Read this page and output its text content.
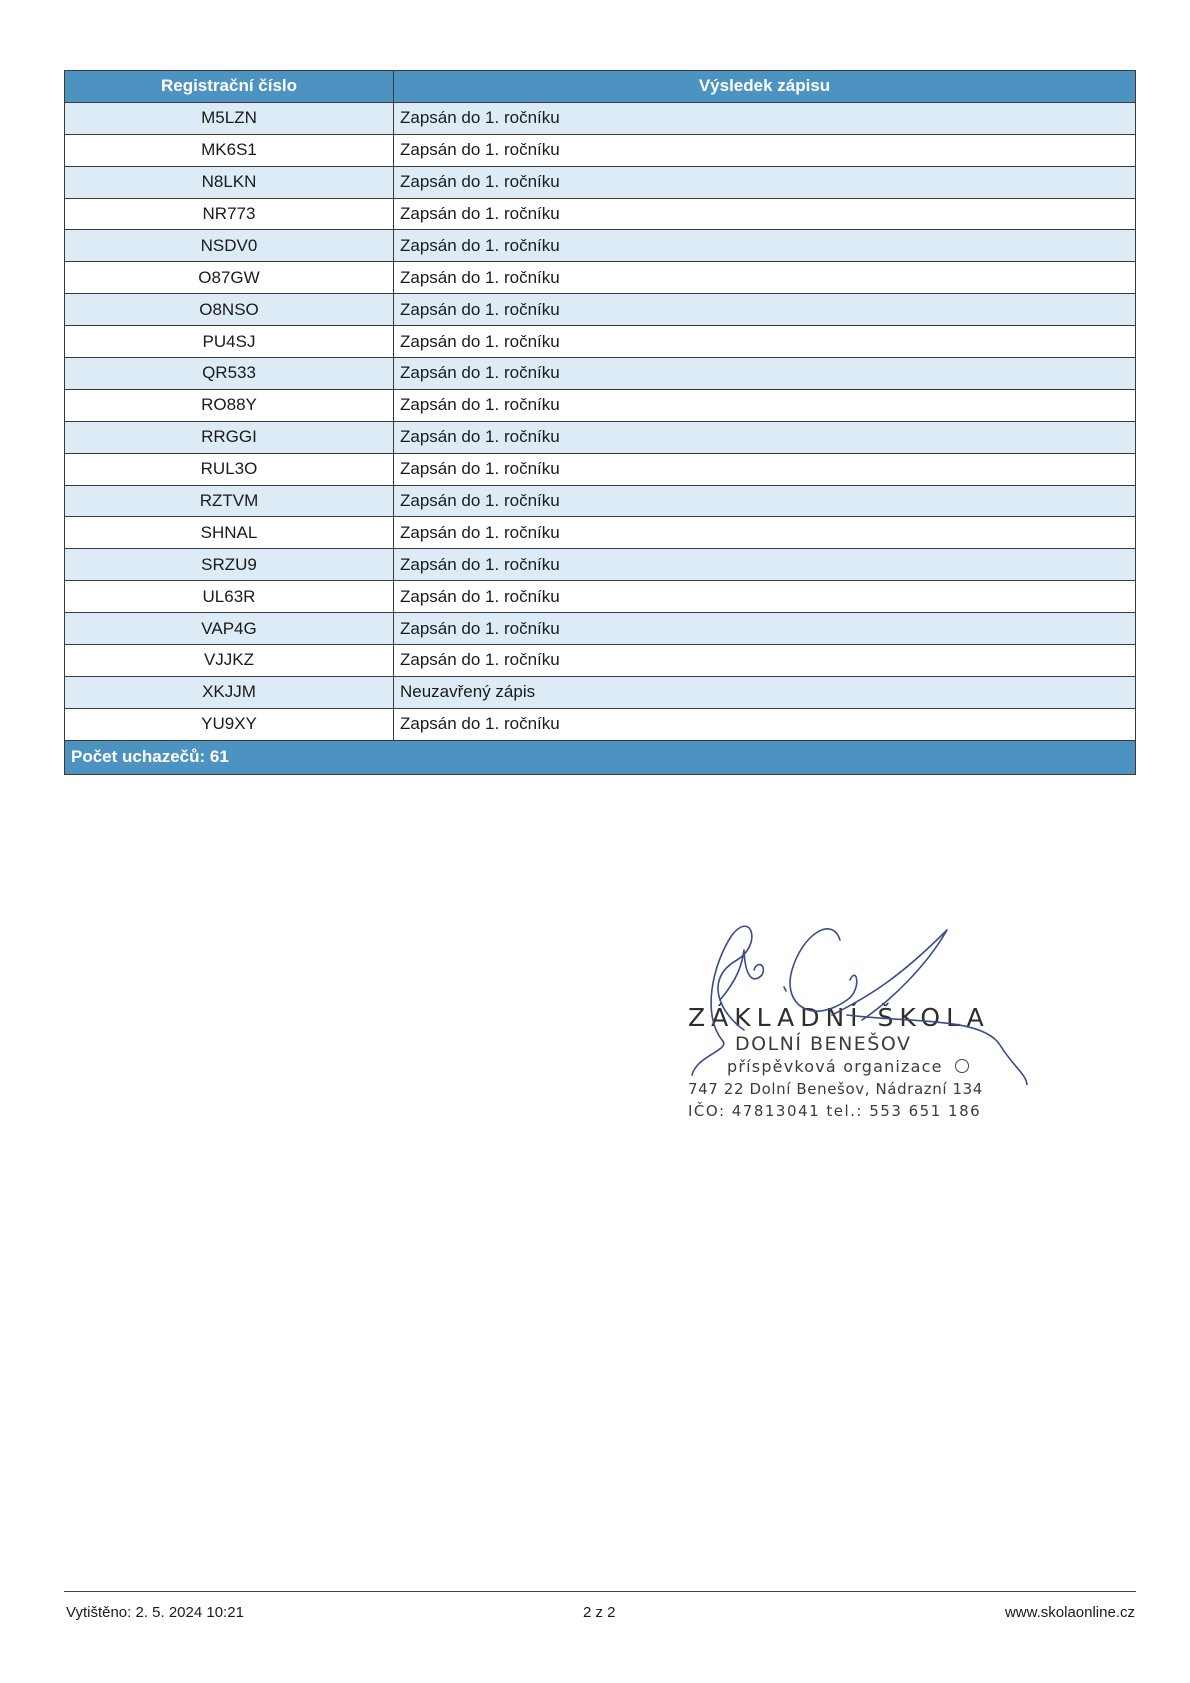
Registrační číslo	Výsledek zápisu
M5LZN	Zapsán do 1. ročníku
MK6S1	Zapsán do 1. ročníku
N8LKN	Zapsán do 1. ročníku
NR773	Zapsán do 1. ročníku
NSDV0	Zapsán do 1. ročníku
O87GW	Zapsán do 1. ročníku
O8NSO	Zapsán do 1. ročníku
PU4SJ	Zapsán do 1. ročníku
QR533	Zapsán do 1. ročníku
RO88Y	Zapsán do 1. ročníku
RRGGI	Zapsán do 1. ročníku
RUL3O	Zapsán do 1. ročníku
RZTVM	Zapsán do 1. ročníku
SHNAL	Zapsán do 1. ročníku
SRZU9	Zapsán do 1. ročníku
UL63R	Zapsán do 1. ročníku
VAP4G	Zapsán do 1. ročníku
VJJKZ	Zapsán do 1. ročníku
XKJJM	Neuzavřený zápis
YU9XY	Zapsán do 1. ročníku
Počet uchazečů: 61	
ZÁKLADNÍ ŠKOLA
DOLNÍ BENEŠOV
příspěvková organizace
747 22 Dolní Benešov, Nádrazní 134
IČO: 47813041 tel.: 553 651 186
Vytištěno: 2. 5. 2024 10:21	2 z 2	www.skolaonline.cz
